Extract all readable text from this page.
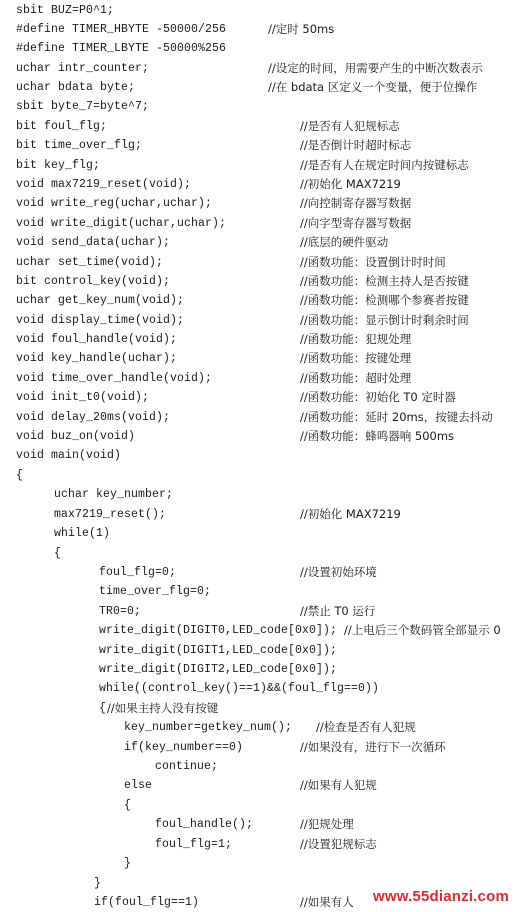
sbit BUZ=P0^1;
#define TIMER_HBYTE -50000/256	//定时 50ms
#define TIMER_LBYTE -50000%256
uchar intr_counter;	//设定的时间，用需要产生的中断次数表示
uchar bdata byte;	//在 bdata 区定义一个变量，便于位操作
sbit byte_7=byte^7;
bit foul_flg;	//是否有人犯规标志
bit time_over_flg;	//是否倒计时超时标志
bit key_flg;	//是否有人在规定时间内按键标志
void max7219_reset(void);	//初始化 MAX7219
void write_reg(uchar,uchar);	//向控制寄存器写数据
void write_digit(uchar,uchar);	//向字型寄存器写数据
void send_data(uchar);	//底层的硬件驱动
uchar set_time(void);	//函数功能：设置倒计时时间
bit control_key(void);	//函数功能：检测主持人是否按键
uchar get_key_num(void);	//函数功能：检测哪个参赛者按键
void display_time(void);	//函数功能：显示倒计时剩余时间
void foul_handle(void);	//函数功能：犯规处理
void key_handle(uchar);	//函数功能：按键处理
void time_over_handle(void);	//函数功能：超时处理
void init_t0(void);	//函数功能：初始化 T0 定时器
void delay_20ms(void);	//函数功能：延时 20ms，按键去抖动
void buz_on(void)	//函数功能：蜂鸣器响 500ms
void main(void)
{
uchar key_number;
max7219_reset();	//初始化 MAX7219
while(1)
{
foul_flg=0;	//设置初始环境
time_over_flg=0;
TR0=0;	//禁止 T0 运行
write_digit(DIGIT0,LED_code[0x0]); //上电后三个数码管全部显示 0
write_digit(DIGIT1,LED_code[0x0]);
write_digit(DIGIT2,LED_code[0x0]);
while((control_key()==1)&&(foul_flg==0))
{ //如果主持人没有按键
key_number=getkey_num(); //检查是否有人犯规
if(key_number==0)	//如果没有，进行下一次循环
continue;
else	//如果有人犯规
{
foul_handle();	//犯规处理
foul_flg=1;	//设置犯规标志
}
}
if(foul_flg==1)	//如果有人 www.55dianzi.com
